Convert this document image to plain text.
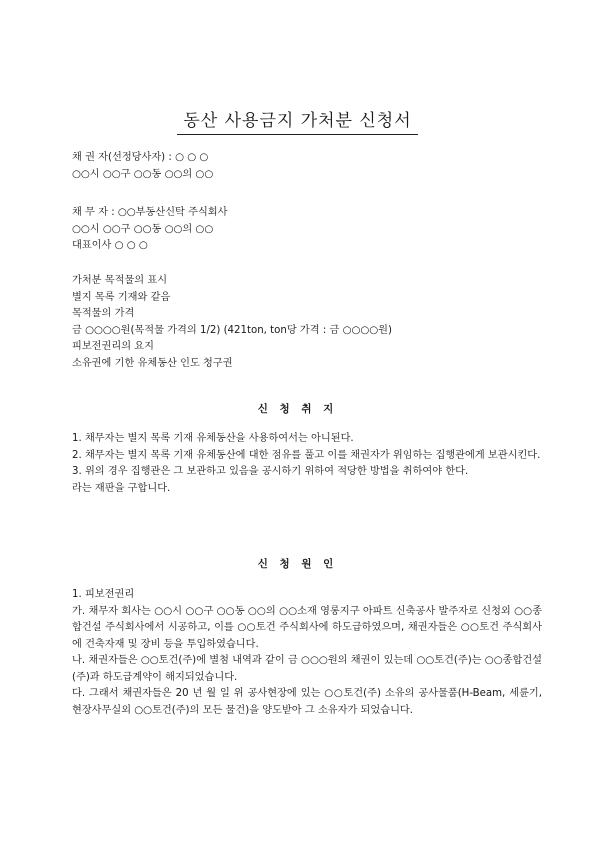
동산 사용금지 가처분 신청서
채 권 자(선정당사자) : ○ ○ ○
○○시 ○○구 ○○동 ○○의 ○○
채 무 자 : ○○부동산신탁 주식회사
○○시 ○○구 ○○동 ○○의 ○○
대표이사 ○ ○ ○
가처분 목적물의 표시
별지 목록 기재와 같음
목적물의 가격
금 ○○○○원(목적물 가격의 1/2) (421ton, ton당 가격 : 금 ○○○○원)
피보전권리의 요지
소유권에 기한 유체동산 인도 청구권
신 청 취 지
1. 채무자는 별지 목록 기재 유체동산을 사용하여서는 아니된다.
2. 채무자는 별지 목록 기재 유체동산에 대한 점유를 풀고 이를 채권자가 위임하는 집행관에게 보관시킨다.
3. 위의 경우 집행관은 그 보관하고 있음을 공시하기 위하여 적당한 방법을 취하여야 한다.
라는 재판을 구합니다.
신 청 원 인
1. 피보전권리
가. 채무자 회사는 ○○시 ○○구 ○○동 ○○의 ○○소재 영롱지구 아파트 신축공사 발주자로 신청외 ○○종합건설 주식회사에서 시공하고, 이를 ○○토건 주식회사에 하도급하였으며, 채권자들은 ○○토건 주식회사에 건축자재 및 장비 등을 투입하였습니다.
나. 채권자들은 ○○토건(주)에 별첨 내역과 같이 금 ○○○원의 채권이 있는데 ○○토건(주)는 ○○종합건설(주)과 하도급계약이 해지되었습니다.
다. 그래서 채권자들은 20 년 월 일 위 공사현장에 있는 ○○토건(주) 소유의 공사물품(H-Beam, 세륜기, 현장사무실외 ○○토건(주)의 모든 물건)을 양도받아 그 소유자가 되었습니다.
